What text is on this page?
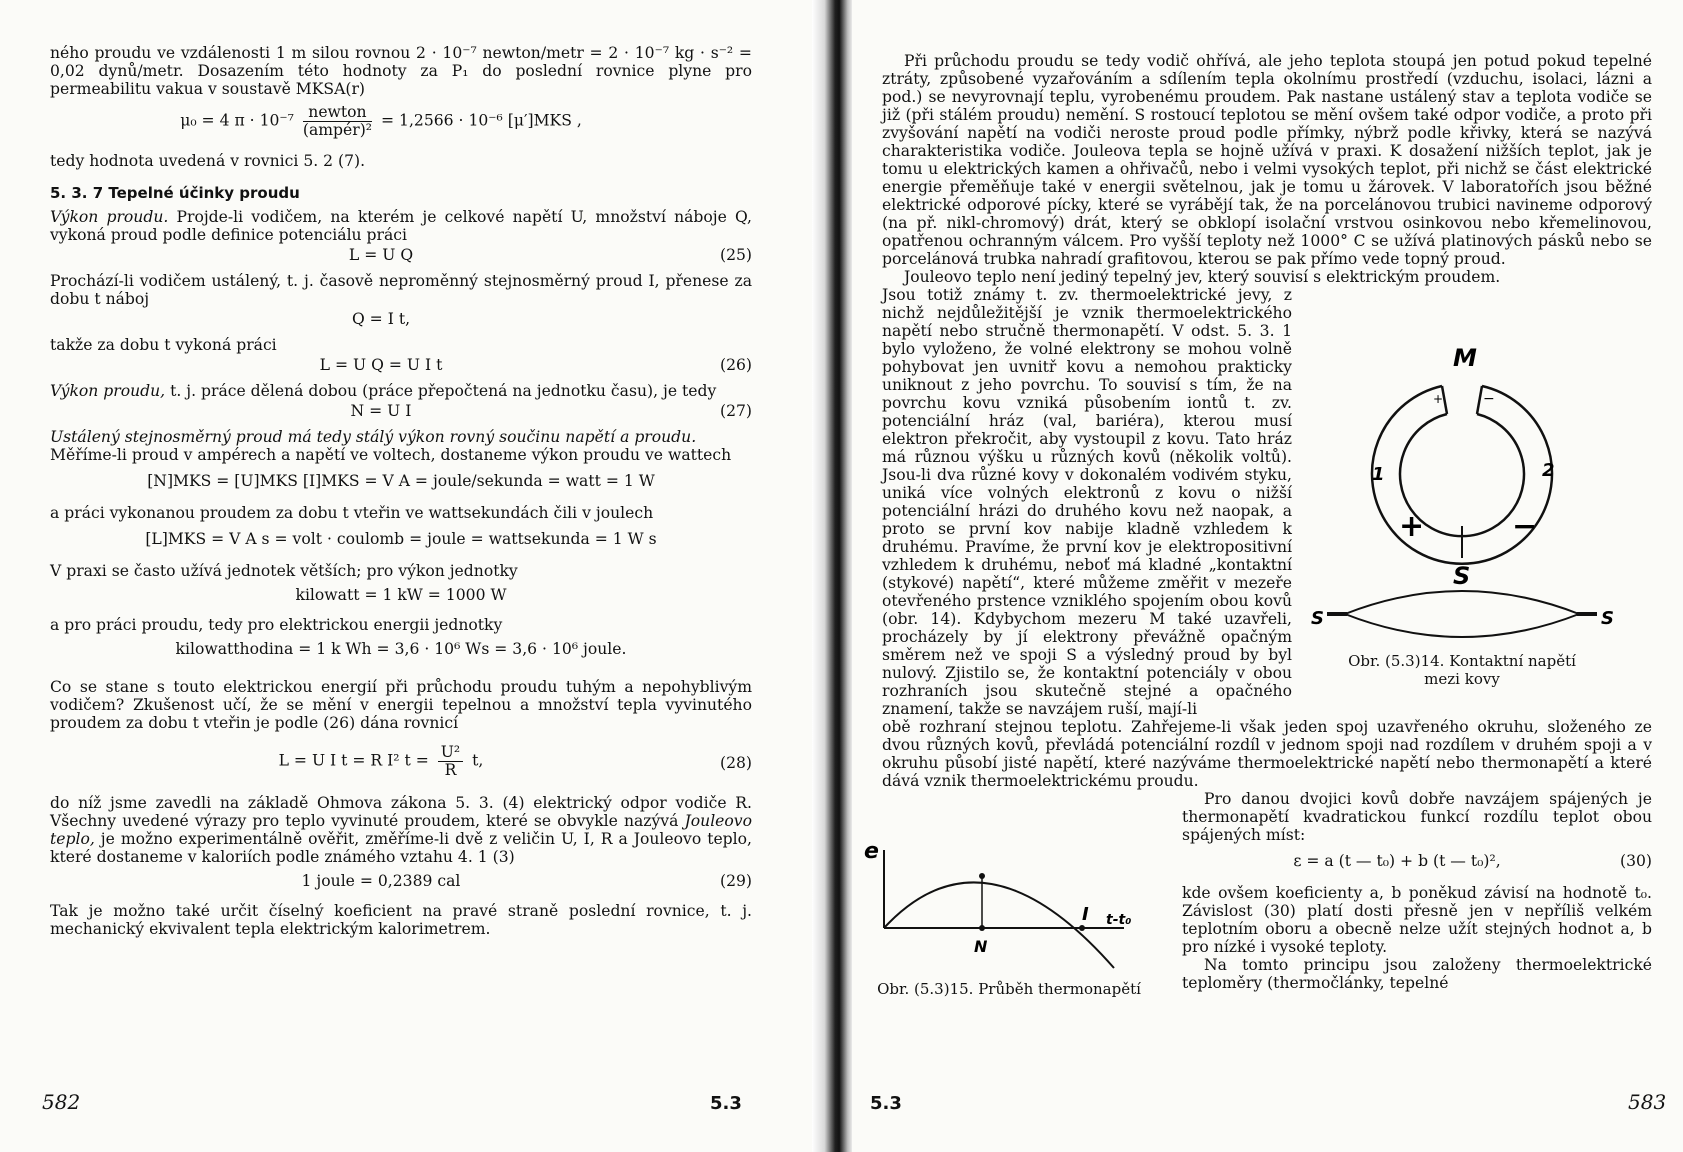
ného proudu ve vzdálenosti 1 m silou rovnou 2 · 10⁻⁷ newton/metr = 2 · 10⁻⁷ kg · s⁻² = 0,02 dynů/metr. Dosazením této hodnoty za P₁ do poslední rovnice plyne pro permeabilitu vakua v soustavě MKSA(r)

μ₀ = 4 $\pi \cdot 10^{-7} \frac{\text{newton}}{\text{(ampér)²}} = 1,2566 \cdot 10^{-6}$ [μ′]MKS ,

tedy hodnota uvedená v rovnici 5. 2 (7).

5. 3. 7 Tepelné účinky proudu

Výkon proudu. Projde-li vodičem, na kterém je celkové napětí U, množství náboje Q, vykoná proud podle definice potenciálu práci

L = U Q	(25)

Prochází-li vodičem ustálený, t. j. časově neproměnný stejnosměrný proud I, přenese za dobu t náboj

Q = I t,

takže za dobu t vykoná práci

L = U Q = U I t	(26)

Výkon proudu, t. j. práce dělená dobou (práce přepočtená na jednotku času), je tedy

N = U I	(27)

Ustálený stejnosměrný proud má tedy stálý výkon rovný součinu napětí a proudu.

Měříme-li proud v ampérech a napětí ve voltech, dostaneme výkon proudu ve wattech

[N]MKS = [U]MKS [I]MKS = V A = joule/sekunda = watt = 1 W

a práci vykonanou proudem za dobu t vteřin ve wattsekundách čili v joulech

[L]MKS = V A s = volt · coulomb = joule = wattsekunda = 1 W s

V praxi se často užívá jednotek větších; pro výkon jednotky

kilowatt = 1 kW = 1000 W

a pro práci proudu, tedy pro elektrickou energii jednotky

kilowatthodina = 1 k Wh = 3,6 · 10⁶ Ws = 3,6 · 10⁶ joule.

Co se stane s touto elektrickou energií při průchodu proudu tuhým a nepohyblivým vodičem? Zkušenost učí, že se mění v energii tepelnou a množství tepla vyvinutého proudem za dobu t vteřin je podle (26) dána rovnicí

L = U I t = R I² $t = \frac{\text{U²}}{R} t$,	(28)

do níž jsme zavedli na základě Ohmova zákona 5. 3. (4) elektrický odpor vodiče R. Všechny uvedené výrazy pro teplo vyvinuté proudem, které se obvykle nazývá Jouleovo teplo, je možno experimentálně ověřit, změříme-li dvě z veličin U, I, R a Jouleovo teplo, které dostaneme v kaloriích podle známého vztahu 4. 1 (3)

1 joule = 0,2389 cal	(29)

Tak je možno také určit číselný koeficient na pravé straně poslední rovnice, t. j. mechanický ekvivalent tepla elektrickým kalorimetrem.

582	5.3

Při průchodu proudu se tedy vodič ohřívá, ale jeho teplota stoupá jen potud pokud tepelné ztráty, způsobené vyzařováním a sdílením tepla okolnímu prostředí (vzduchu, isolaci, lázni a pod.) se nevyrovnají teplu, vyrobenému proudem. Pak nastane ustálený stav a teplota vodiče se již (při stálém proudu) nemění. S rostoucí teplotou se mění ovšem také odpor vodiče, a proto při zvyšování napětí na vodiči neroste proud podle přímky, nýbrž podle křivky, která se nazývá charakteristika vodiče. Jouleova tepla se hojně užívá v praxi. K dosažení nižších teplot, jak je tomu u elektrických kamen a ohřivačů, nebo i velmi vysokých teplot, při nichž se část elektrické energie přeměňuje také v energii světelnou, jak je tomu u žárovek. V laboratořích jsou běžné elektrické odporové pícky, které se vyrábějí tak, že na porcelánovou trubici navineme odporový (na př. nikl-chromový) drát, který se obklopí isolační vrstvou osinkovou nebo křemelinovou, opatřenou ochranným válcem. Pro vyšší teploty než 1000° C se užívá platinových pásků nebo se porcelánová trubka nahradí grafitovou, kterou se pak přímo vede topný proud.

Jouleovo teplo není jediný tepelný jev, který souvisí s elektrickým proudem.

Jsou totiž známy t. zv. thermoelektrické jevy, z nichž nejdůležitější je vznik thermoelektrického napětí nebo stručně thermonapětí. V odst. 5. 3. 1 bylo vyloženo, že volné elektrony se mohou volně pohybovat jen uvnitř kovu a nemohou prakticky uniknout z jeho povrchu. To souvisí s tím, že na povrchu kovu vzniká působením iontů t. zv. potenciální hráz (val, bariéra), kterou musí elektron překročit, aby vystoupil z kovu. Tato hráz má různou výšku u různých kovů (několik voltů). Jsou-li dva různé kovy v dokonalém vodivém styku, uniká více volných elektronů z kovu o nižší potenciální hrázi do druhého kovu než naopak, a proto se první kov nabije kladně vzhledem k druhému. Pravíme, že první kov je elektropositivní vzhledem k druhému, neboť má kladné „kontaktní (stykové) napětí“, které můžeme změřit v mezeře otevřeného prstence vzniklého spojením obou kovů (obr. 14). Kdybychom mezeru M také uzavřeli, procházely by jí elektrony převážně opačným směrem než ve spoji S a výsledný proud by byl nulový. Zjistilo se, že kontaktní potenciály v obou rozhraních jsou skutečně stejné a opačného znamení, takže se navzájem ruší, mají-li

obě rozhraní stejnou teplotu. Zahřejeme-li však jeden spoj uzavřeného okruhu, složeného ze dvou různých kovů, převládá potenciální rozdíl v jednom spoji nad rozdílem v druhém spoji a v okruhu působí jisté napětí, které nazýváme thermoelektrické napětí nebo thermonapětí a které dává vznik thermoelektrickému proudu.

Pro danou dvojici kovů dobře navzájem spájených je thermonapětí kvadratickou funkcí rozdílu teplot obou spájených míst:

ε = a (t — t₀) + b (t — t₀)²,	(30)

kde ovšem koeficienty a, b poněkud závisí na hodnotě t₀. Závislost (30) platí dosti přesně jen v nepříliš velkém teplotním oboru a obecně nelze užít stejných hodnot a, b pro nízké i vysoké teploty.

Na tomto principu jsou založeny thermoelektrické teploměry (thermočlánky, tepelné

M
+	−
1	2
+	−
S
S	S
Obr. (5.3)14. Kontaktní napětí
mezi kovy
e
N
I t-t₀
Obr. (5.3)15. Průběh thermonapětí
5.3	583
